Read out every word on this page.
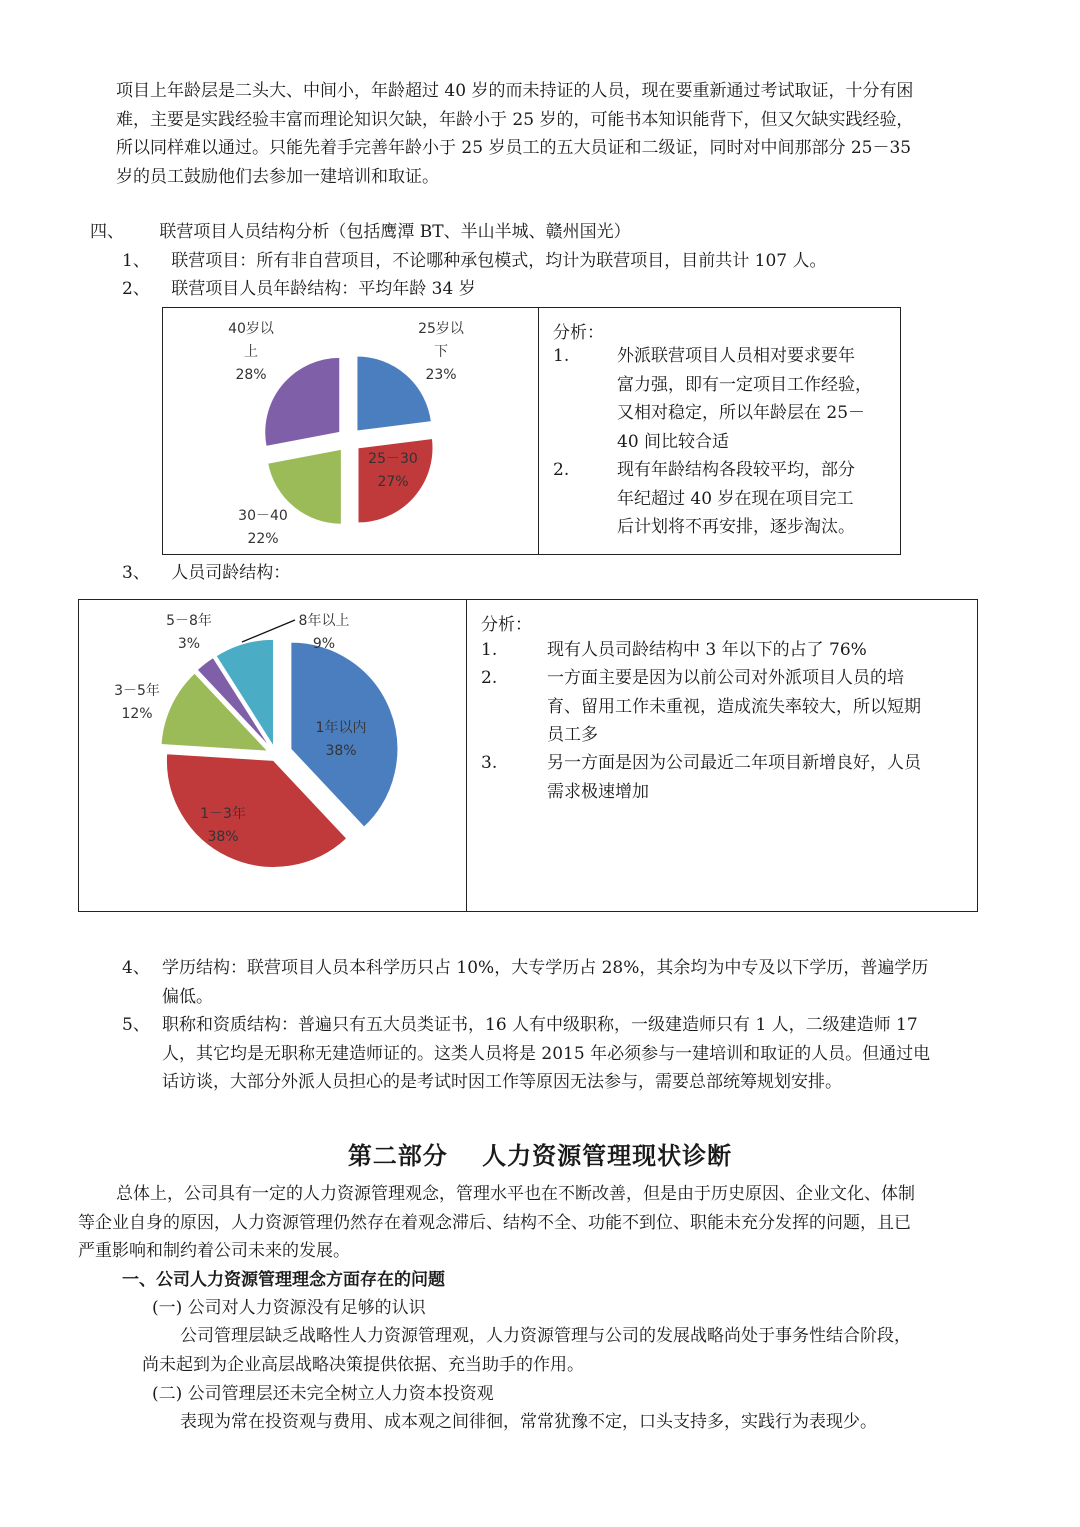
项目上年龄层是二头大、中间小，年龄超过 40 岁的而未持证的人员，现在要重新通过考试取证，十分有困
难，主要是实践经验丰富而理论知识欠缺，年龄小于 25 岁的，可能书本知识能背下，但又欠缺实践经验，
所以同样难以通过。只能先着手完善年龄小于 25 岁员工的五大员证和二级证，同时对中间那部分 25－35
岁的员工鼓励他们去参加一建培训和取证。
四、 联营项目人员结构分析（包括鹰潭 BT、半山半城、赣州国光）
1、 联营项目：所有非自营项目，不论哪种承包模式，均计为联营项目，目前共计 107 人。
2、 联营项目人员年龄结构：平均年龄 34 岁
25岁以
下
23%
25－30
27%
30－40
22%
40岁以
上
28%
分析：
1.	外派联营项目人员相对要求要年
富力强，即有一定项目工作经验，
又相对稳定，所以年龄层在 25－
40 间比较合适
2.	现有年龄结构各段较平均，部分
年纪超过 40 岁在现在项目完工
后计划将不再安排，逐步淘汰。
3、 人员司龄结构：
1年以内
38%
1－3年
38%
3－5年
12%
5－8年
3%
8年以上
9%
分析：
1.	现有人员司龄结构中 3 年以下的占了 76%
2.	一方面主要是因为以前公司对外派项目人员的培
育、留用工作未重视，造成流失率较大，所以短期
员工多
3.	另一方面是因为公司最近二年项目新增良好，人员
需求极速增加
4、 学历结构：联营项目人员本科学历只占 10%，大专学历占 28%，其余均为中专及以下学历，普遍学历
偏低。
5、 职称和资质结构：普遍只有五大员类证书，16 人有中级职称，一级建造师只有 1 人，二级建造师 17
人，其它均是无职称无建造师证的。这类人员将是 2015 年必须参与一建培训和取证的人员。但通过电
话访谈，大部分外派人员担心的是考试时因工作等原因无法参与，需要总部统筹规划安排。
第二部分　 人力资源管理现状诊断
总体上，公司具有一定的人力资源管理观念，管理水平也在不断改善，但是由于历史原因、企业文化、体制
等企业自身的原因，人力资源管理仍然存在着观念滞后、结构不全、功能不到位、职能未充分发挥的问题，且已
严重影响和制约着公司未来的发展。
一、公司人力资源管理理念方面存在的问题
(一) 公司对人力资源没有足够的认识
公司管理层缺乏战略性人力资源管理观，人力资源管理与公司的发展战略尚处于事务性结合阶段，
尚未起到为企业高层战略决策提供依据、充当助手的作用。
(二) 公司管理层还未完全树立人力资本投资观
表现为常在投资观与费用、成本观之间徘徊，常常犹豫不定，口头支持多，实践行为表现少。
